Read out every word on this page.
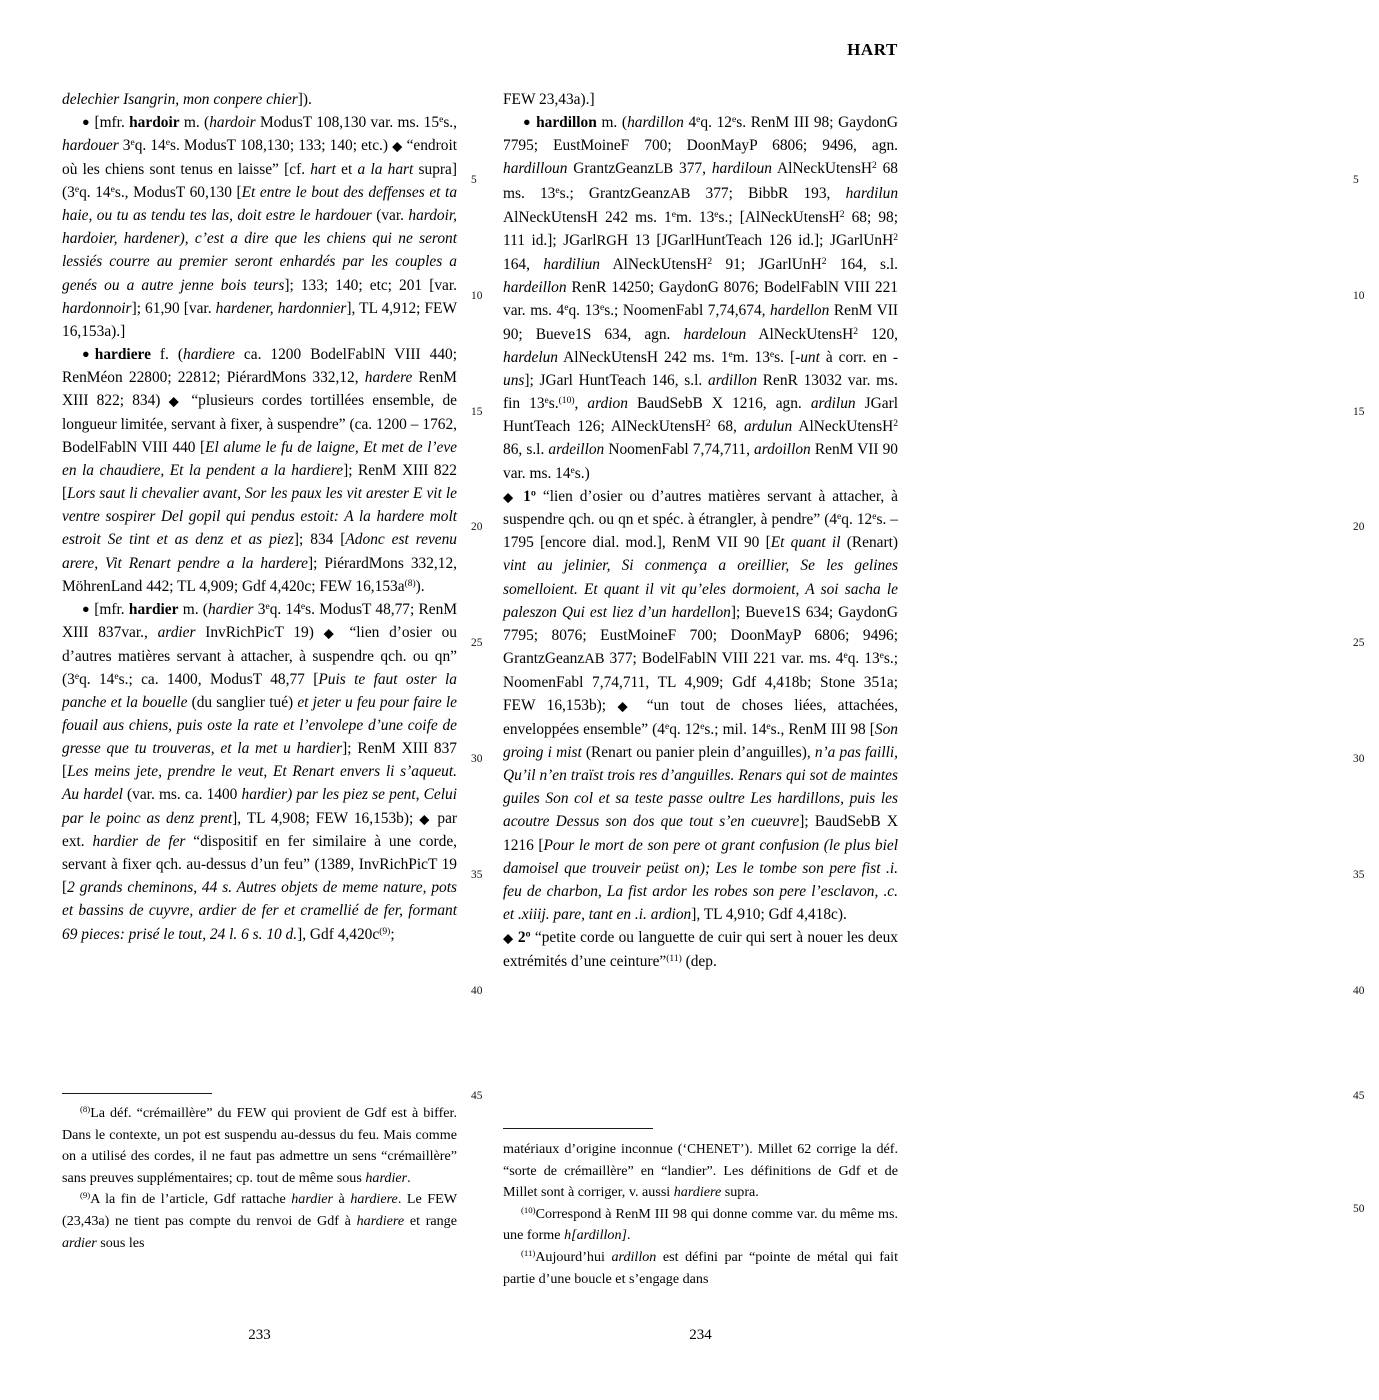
HART

delechier Isangrin, mon conpere chier]).

● [mfr. hardoir m. (hardoir ModusT 108,130 var. ms. 15es., hardouer 3eq. 14es. ModusT 108,130; 133; 140; etc.) ◆ “endroit où les chiens sont tenus en laisse” [cf. hart et a la hart supra] (3eq. 14es., ModusT 60,130 [Et entre le bout des deffenses et ta haie, ou tu as tendu tes las, doit estre le hardouer (var. hardoir, hardoier, hardener), c’est a dire que les chiens qui ne seront lessiés courre au premier seront enhardés par les couples a genés ou a autre jenne bois teurs]; 133; 140; etc; 201 [var. hardonnoir]; 61,90 [var. hardener, hardonnier], TL 4,912; FEW 16,153a).]

●hardiere f. (hardiere ca. 1200 BodelFablN VIII 440; RenMéon 22800; 22812; PiérardMons 332,12, hardere RenM XIII 822; 834) ◆ “plusieurs cordes tortillées ensemble, de longueur limitée, servant à fixer, à suspendre” (ca. 1200 – 1762, BodelFablN VIII 440 [El alume le fu de laigne, Et met de l’eve en la chaudiere, Et la pendent a la hardiere]; RenM XIII 822 [Lors saut li chevalier avant, Sor les paux les vit arester E vit le ventre sospirer Del gopil qui pendus estoit: A la hardere molt estroit Se tint et as denz et as piez]; 834 [Adonc est revenu arere, Vit Renart pendre a la hardere]; PiérardMons 332,12, MöhrenLand 442; TL 4,909; Gdf 4,420c; FEW 16,153a$^{(8)}$).

● [mfr. hardier m. (hardier 3eq. 14es. ModusT 48,77; RenM XIII 837var., ardier InvRichPicT 19) ◆ “lien d’osier ou d’autres matières servant à attacher, à suspendre qch. ou qn” (3eq. 14es.; ca. 1400, ModusT 48,77 [Puis te faut oster la panche et la bouelle (du sanglier tué) et jeter u feu pour faire le fouail aus chiens, puis oste la rate et l’envolepe d’une coife de gresse que tu trouveras, et la met u hardier]; RenM XIII 837 [Les meins jete, prendre le veut, Et Renart envers li s’aqueut. Au hardel (var. ms. ca. 1400 hardier) par les piez se pent, Celui par le poinc as denz prent], TL 4,908; FEW 16,153b); ◆ par ext. hardier de fer “dispositif en fer similaire à une corde, servant à fixer qch. au-dessus d’un feu” (1389, InvRichPicT 19 [2 grands cheminons, 44 s. Autres objets de meme nature, pots et bassins de cuyvre, ardier de fer et cramellié de fer, formant 69 pieces: prisé le tout, 24 l. 6 s. 10 d.], Gdf 4,420c$^{(9)}$;

$^{(8)}$La déf. “crémaillère” du FEW qui provient de Gdf est à biffer. Dans le contexte, un pot est suspendu au-dessus du feu. Mais comme on a utilisé des cordes, il ne faut pas admettre un sens “crémaillère” sans preuves supplémentaires; cp. tout de même sous hardier.

$^{(9)}$A la fin de l’article, Gdf rattache hardier à hardiere. Le FEW (23,43a) ne tient pas compte du renvoi de Gdf à hardiere et range ardier sous les

5
10
15
20
25
30
35
40
45

FEW 23,43a).]

● hardillon m. (hardillon 4eq. 12es. RenM III 98; GaydonG 7795; EustMoineF 700; DoonMayP 6806; 9496, agn. hardilloun GrantzGeanzLB 377, hardiloun AlNeckUtensH$^2$ 68 ms. 13es.; GrantzGeanzAB 377; BibbR 193, hardilun AlNeckUtensH 242 ms. 1em. 13es.; [AlNeckUtensH$^2$ 68; 98; 111 id.]; JGarlRGH 13 [JGarlHuntTeach 126 id.]; JGarlUnH$^2$ 164, hardiliun AlNeckUtensH$^2$ 91; JGarlUnH$^2$ 164, s.l. hardeillon RenR 14250; GaydonG 8076; BodelFablN VIII 221 var. ms. 4eq. 13es.; NoomenFabl 7,74,674, hardellon RenM VII 90; Bueve1S 634, agn. hardeloun AlNeckUtensH$^2$ 120, hardelun AlNeckUtensH 242 ms. 1em. 13es. [-unt à corr. en -uns]; JGarl HuntTeach 146, s.l. ardillon RenR 13032 var. ms. fin 13es.$^{(10)}$, ardion BaudSebB X 1216, agn. ardilun JGarl HuntTeach 126; AlNeckUtensH$^2$ 68, ardulun AlNeckUtensH$^2$ 86, s.l. ardeillon NoomenFabl 7,74,711, ardoillon RenM VII 90 var. ms. 14es.)

◆ 1º “lien d’osier ou d’autres matières servant à attacher, à suspendre qch. ou qn et spéc. à étrangler, à pendre” (4eq. 12es. – 1795 [encore dial. mod.], RenM VII 90 [Et quant il (Renart) vint au jelinier, Si conmença a oreillier, Se les gelines somelloient. Et quant il vit qu’eles dormoient, A soi sacha le paleszon Qui est liez d’un hardellon]; Bueve1S 634; GaydonG 7795; 8076; EustMoineF 700; DoonMayP 6806; 9496; GrantzGeanzAB 377; BodelFablN VIII 221 var. ms. 4eq. 13es.; NoomenFabl 7,74,711, TL 4,909; Gdf 4,418b; Stone 351a; FEW 16,153b); ◆ “un tout de choses liées, attachées, enveloppées ensemble” (4eq. 12es.; mil. 14es., RenM III 98 [Son groing i mist (Renart ou panier plein d’anguilles), n’a pas failli, Qu’il n’en traïst trois res d’anguilles. Renars qui sot de maintes guiles Son col et sa teste passe oultre Les hardillons, puis les acoutre Dessus son dos que tout s’en cueuvre]; BaudSebB X 1216 [Pour le mort de son pere ot grant confusion (le plus biel damoisel que trouveir peüst on); Les le tombe son pere fist .i. feu de charbon, La fist ardor les robes son pere l’esclavon, .c. et .xiiij. pare, tant en .i. ardion], TL 4,910; Gdf 4,418c).

◆ 2º “petite corde ou languette de cuir qui sert à nouer les deux extrémités d’une ceinture”$^{(11)}$ (dep.

matériaux d’origine inconnue (‘CHENET’). Millet 62 corrige la déf. “sorte de crémaillère” en “landier”. Les définitions de Gdf et de Millet sont à corriger, v. aussi hardiere supra.

$^{(10)}$Correspond à RenM III 98 qui donne comme var. du même ms. une forme h[ardillon].

$^{(11)}$Aujourd’hui ardillon est défini par “pointe de métal qui fait partie d’une boucle et s’engage dans

5
10
15
20
25
30
35
40
45
50
233	234
